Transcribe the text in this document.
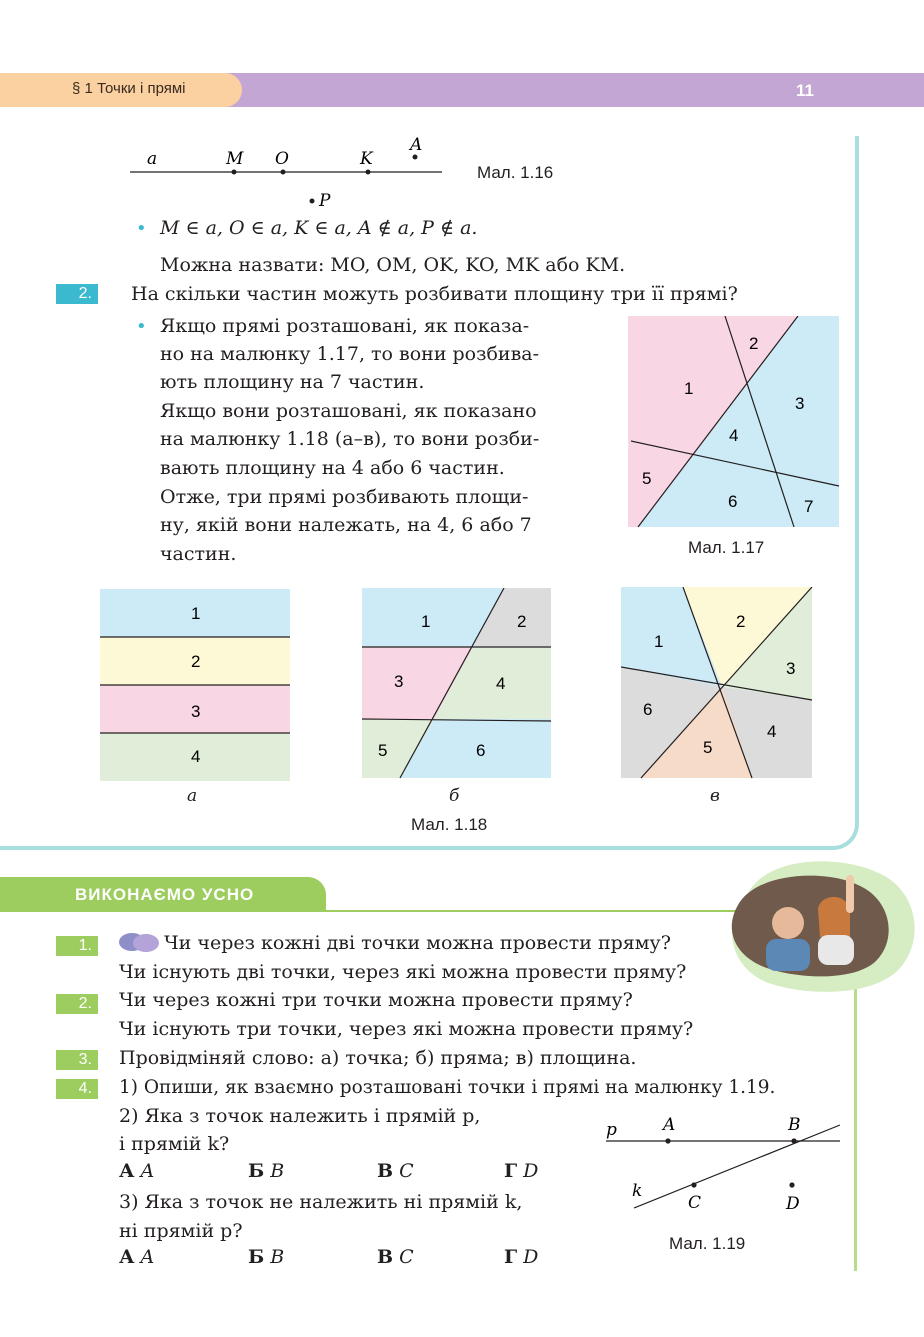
§ 1 Точки і прямі	11
a	M O	K
A
P
Мал. 1.16
• M ∈ a, O ∈ a, K ∈ a, A ∉ a, P ∉ a.
Можна назвати: MO, OM, OK, KO, MK або KM.
2.	На скільки частин можуть розбивати площину три її прямі?
• Якщо прямі розташовані, як показа-
но на малюнку 1.17, то вони розбива-
ють площину на 7 частин.
Якщо вони розташовані, як показано
на малюнку 1.18 (а–в), то вони розби-
вають площину на 4 або 6 частин.
Отже, три прямі розбивають площи-
ну, якій вони належать, на 4, 6 або 7
частин.
1
2
3
4
5
6	7
Мал. 1.17
1
2
3
4
а
1	2
3	4
5	6
б
1
2
3
4
5
6
в
Мал. 1.18
ВИКОНАЄМО УСНО
1.	Чи через кожні дві точки можна провести пряму?
Чи існують дві точки, через які можна провести пряму?
2.	Чи через кожні три точки можна провести пряму?
Чи існують три точки, через які можна провести пряму?
3.	Провідміняй слово: а) точка; б) пряма; в) площина.
4.	1) Опиши, як взаємно розташовані точки і прямі на малюнку 1.19.
2) Яка з точок належить і прямій p,
і прямій k?
А A	Б B	В C	Г D
3) Яка з точок не належить ні прямій k,
ні прямій p?
А A	Б B	В C	Г D
p
k
A	B
C	D
Мал. 1.19
